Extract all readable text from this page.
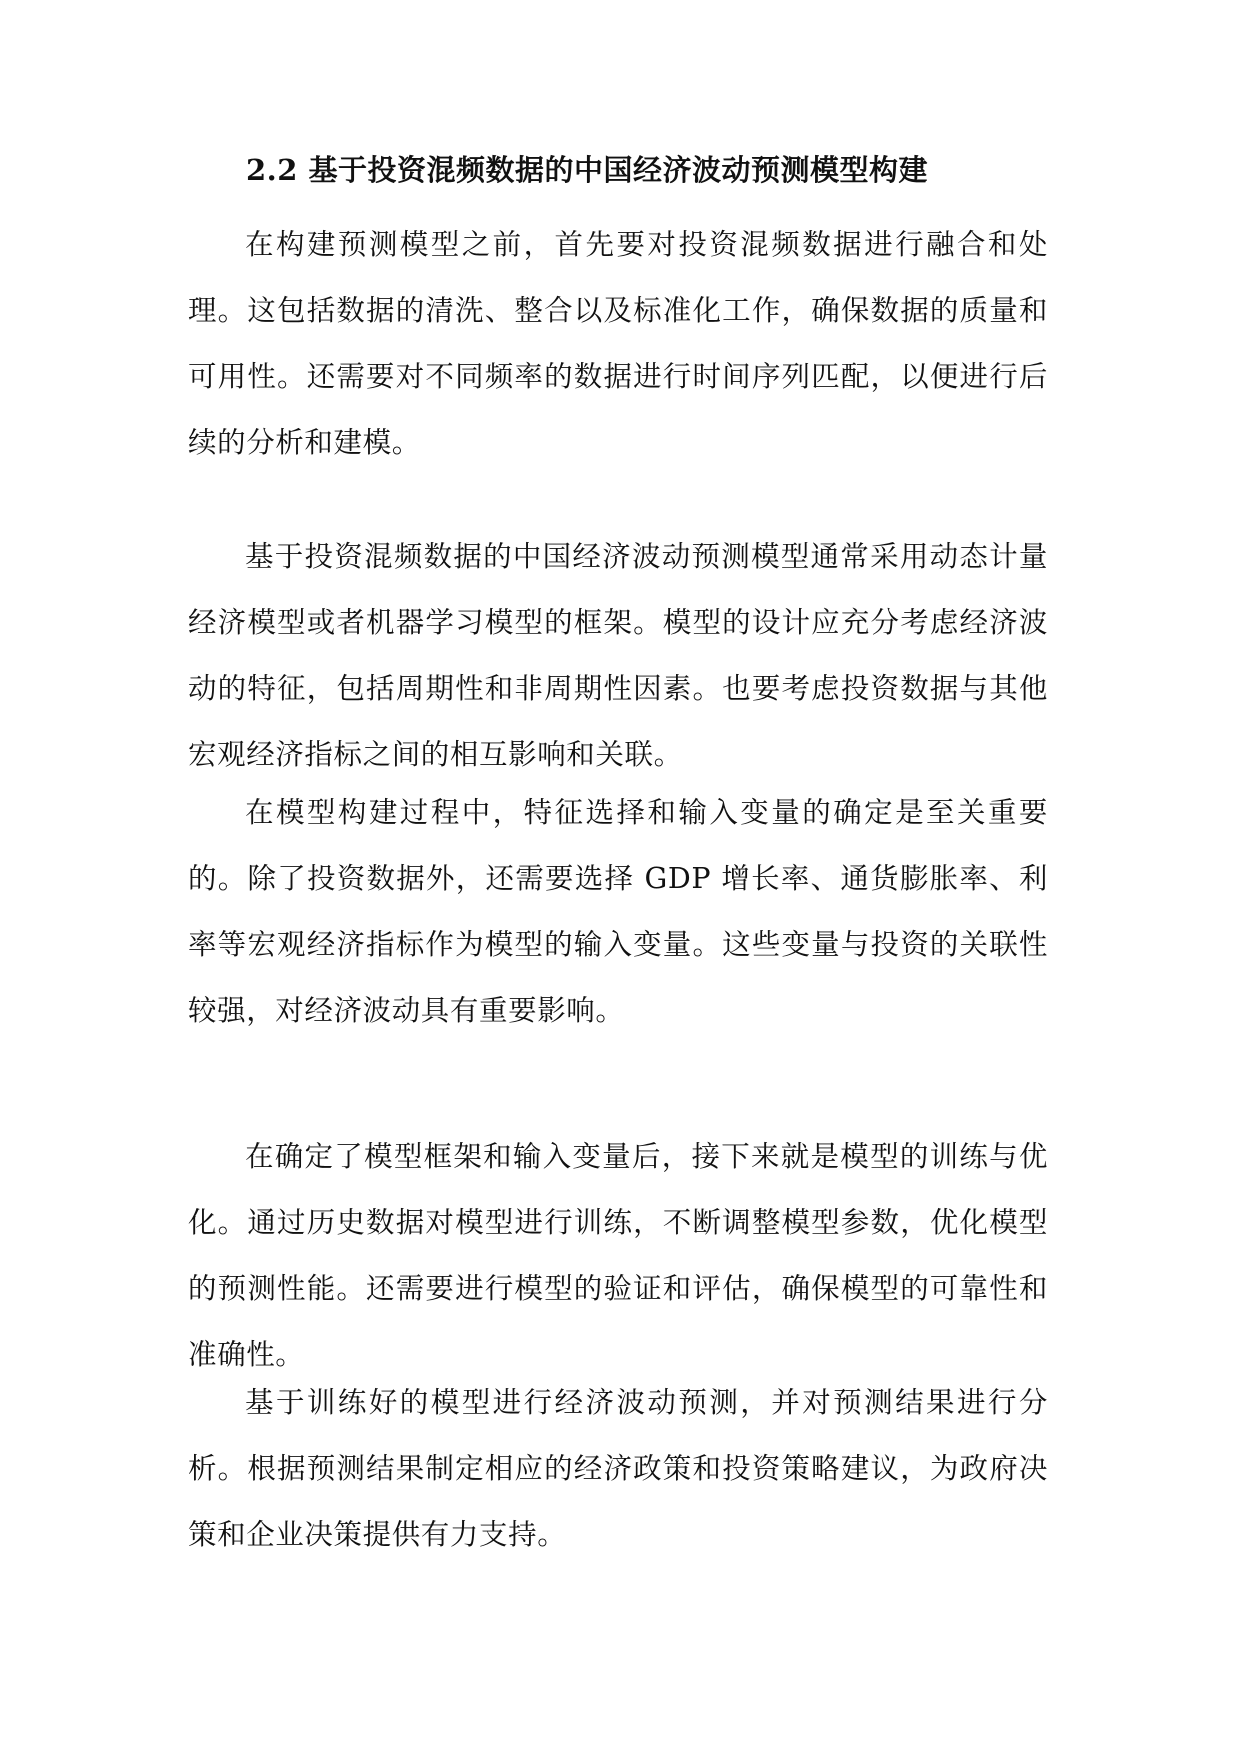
2.2 基于投资混频数据的中国经济波动预测模型构建

在构建预测模型之前，首先要对投资混频数据进行融合和处理。这包括数据的清洗、整合以及标准化工作，确保数据的质量和可用性。还需要对不同频率的数据进行时间序列匹配，以便进行后续的分析和建模。

基于投资混频数据的中国经济波动预测模型通常采用动态计量经济模型或者机器学习模型的框架。模型的设计应充分考虑经济波动的特征，包括周期性和非周期性因素。也要考虑投资数据与其他宏观经济指标之间的相互影响和关联。

在模型构建过程中，特征选择和输入变量的确定是至关重要的。除了投资数据外，还需要选择 GDP 增长率、通货膨胀率、利率等宏观经济指标作为模型的输入变量。这些变量与投资的关联性较强，对经济波动具有重要影响。

在确定了模型框架和输入变量后，接下来就是模型的训练与优化。通过历史数据对模型进行训练，不断调整模型参数，优化模型的预测性能。还需要进行模型的验证和评估，确保模型的可靠性和准确性。

基于训练好的模型进行经济波动预测，并对预测结果进行分析。根据预测结果制定相应的经济政策和投资策略建议，为政府决策和企业决策提供有力支持。
